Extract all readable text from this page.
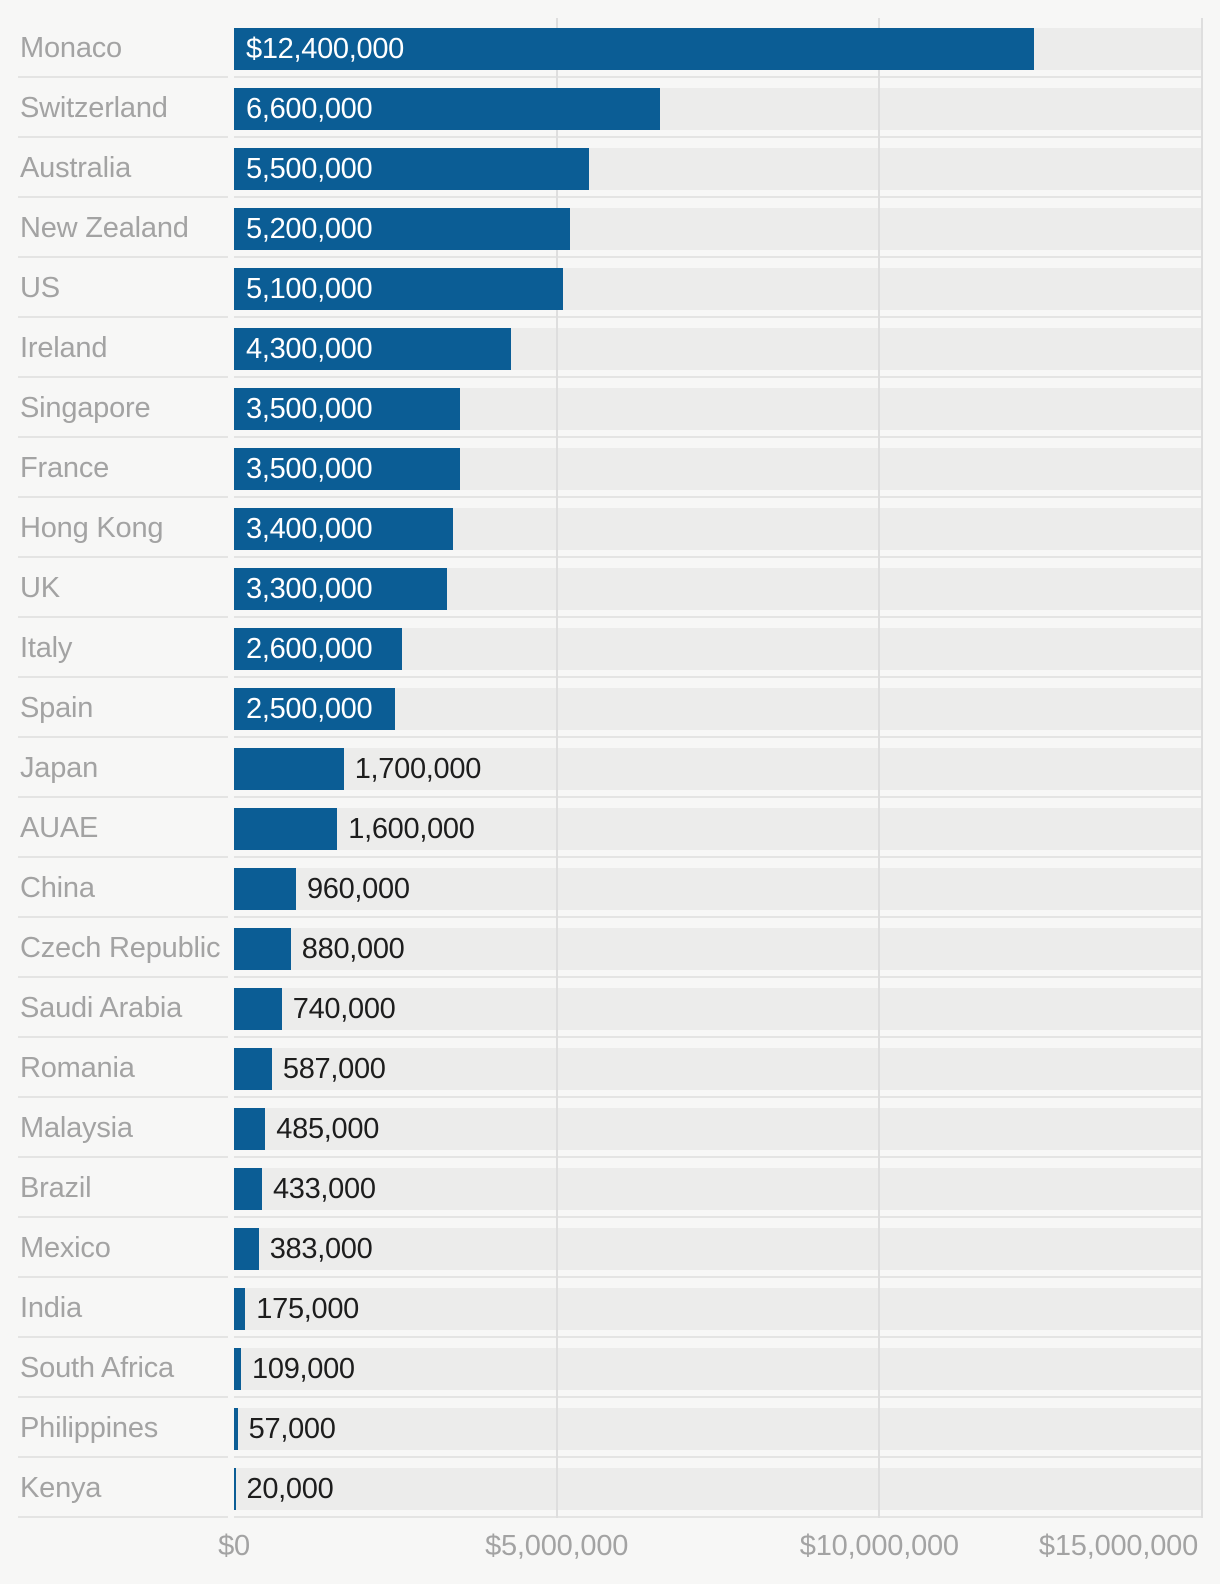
Monaco	$12,400,000
Switzerland	6,600,000
Australia	5,500,000
New Zealand 5,200,000
US	5,100,000
Ireland	4,300,000
Singapore	3,500,000
France	3,500,000
Hong Kong	3,400,000
UK	3,300,000
Italy	2,600,000
Spain	2,500,000
Japan	1,700,000
AUAE	1,600,000
China	960,000
Czech Republic	880,000
Saudi Arabia	740,000
Romania	587,000
Malaysia	485,000
Brazil	433,000
Mexico	383,000
India	175,000
South Africa	109,000
Philippines	57,000
Kenya	20,000
$0	$5,000,000	$10,000,000	$15,000,000
